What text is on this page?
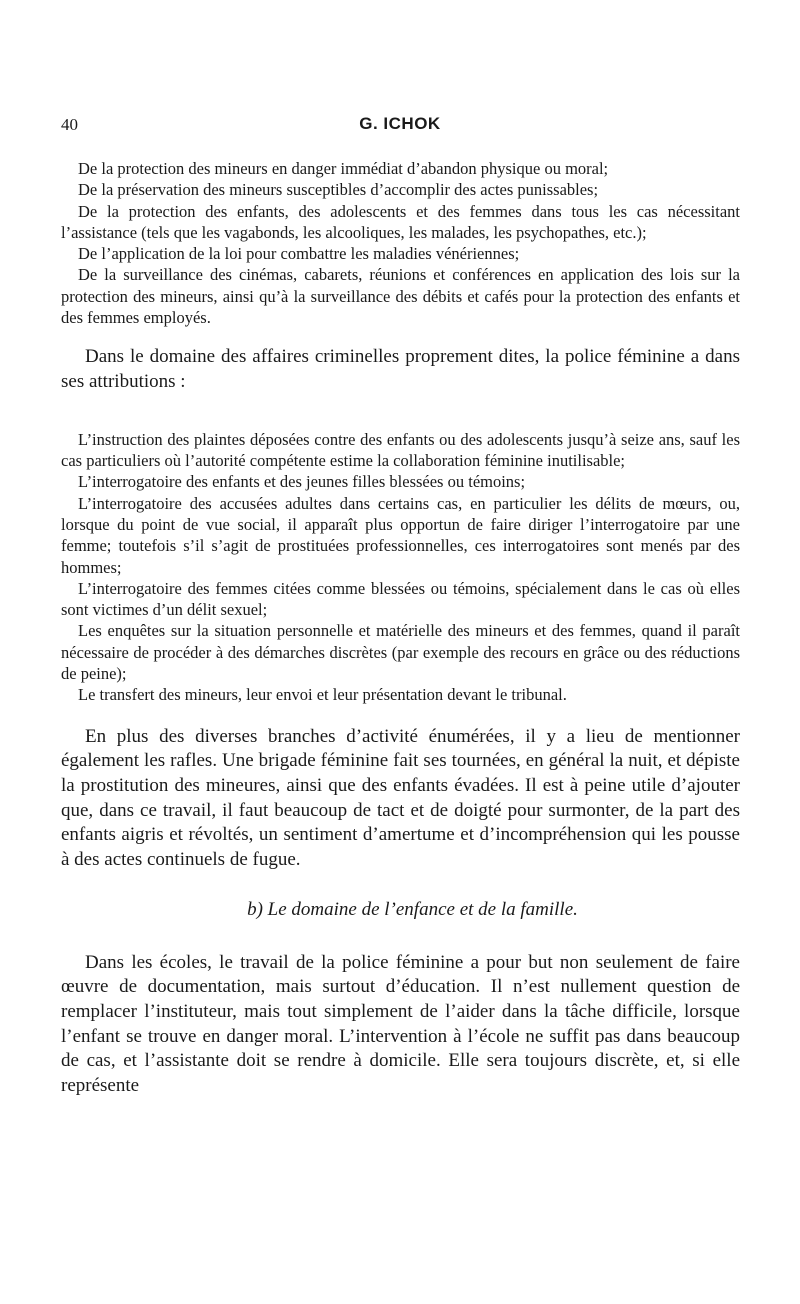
40	G. ICHOK

De la protection des mineurs en danger immédiat d’abandon physique ou moral;

De la préservation des mineurs susceptibles d’accomplir des actes punissables;

De la protection des enfants, des adolescents et des femmes dans tous les cas nécessitant l’assistance (tels que les vagabonds, les alcooliques, les malades, les psychopathes, etc.);

De l’application de la loi pour combattre les maladies vénériennes;

De la surveillance des cinémas, cabarets, réunions et conférences en application des lois sur la protection des mineurs, ainsi qu’à la surveillance des débits et cafés pour la protection des enfants et des femmes employés.

Dans le domaine des affaires criminelles proprement dites, la police féminine a dans ses attributions :

L’instruction des plaintes déposées contre des enfants ou des adolescents jusqu’à seize ans, sauf les cas particuliers où l’autorité compétente estime la collaboration féminine inutilisable;

L’interrogatoire des enfants et des jeunes filles blessées ou témoins;

L’interrogatoire des accusées adultes dans certains cas, en particulier les délits de mœurs, ou, lorsque du point de vue social, il apparaît plus opportun de faire diriger l’interrogatoire par une femme; toutefois s’il s’agit de prostituées professionnelles, ces interrogatoires sont menés par des hommes;

L’interrogatoire des femmes citées comme blessées ou témoins, spécialement dans le cas où elles sont victimes d’un délit sexuel;

Les enquêtes sur la situation personnelle et matérielle des mineurs et des femmes, quand il paraît nécessaire de procéder à des démarches discrètes (par exemple des recours en grâce ou des réductions de peine);

Le transfert des mineurs, leur envoi et leur présentation devant le tribunal.

En plus des diverses branches d’activité énumérées, il y a lieu de mentionner également les rafles. Une brigade féminine fait ses tournées, en général la nuit, et dépiste la prostitution des mineures, ainsi que des enfants évadées. Il est à peine utile d’ajouter que, dans ce travail, il faut beaucoup de tact et de doigté pour surmonter, de la part des enfants aigris et révoltés, un sentiment d’amertume et d’incompréhension qui les pousse à des actes continuels de fugue.

b) Le domaine de l’enfance et de la famille.

Dans les écoles, le travail de la police féminine a pour but non seulement de faire œuvre de documentation, mais surtout d’éducation. Il n’est nullement question de remplacer l’instituteur, mais tout simplement de l’aider dans la tâche difficile, lorsque l’enfant se trouve en danger moral. L’intervention à l’école ne suffit pas dans beaucoup de cas, et l’assistante doit se rendre à domicile. Elle sera toujours discrète, et, si elle représente
